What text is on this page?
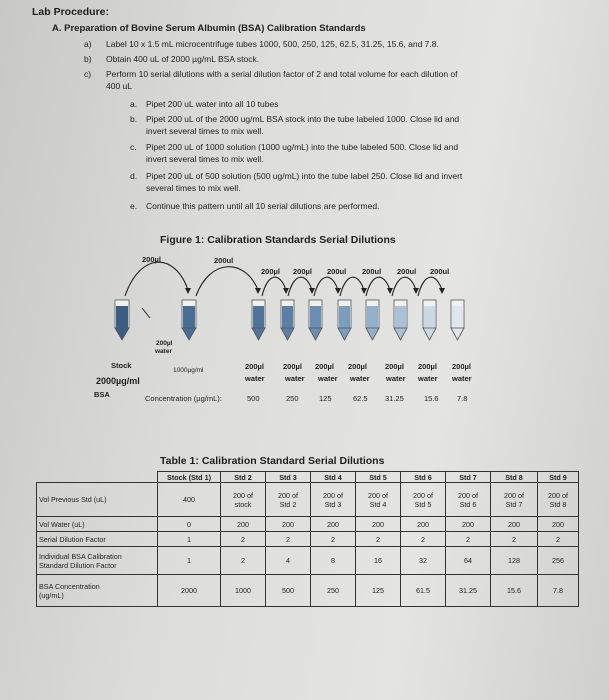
Lab Procedure:
A. Preparation of Bovine Serum Albumin (BSA) Calibration Standards
a) Label 10 x 1.5 mL microcentrifuge tubes 1000, 500, 250, 125, 62.5, 31.25, 15.6, and 7.8.
b) Obtain 400 uL of 2000 µg/mL BSA stock.
c) Perform 10 serial dilutions with a serial dilution factor of 2 and total volume for each dilution of
400 uL
a. Pipet 200 uL water into all 10 tubes
b. Pipet 200 uL of the 2000 ug/mL BSA stock into the tube labeled 1000. Close lid and
invert several times to mix well.
c. Pipet 200 uL of 1000 solution (1000 ug/mL) into the tube labeled 500. Close lid and
invert several times to mix well.
d. Pipet 200 uL of 500 solution (500 ug/mL) into the tube label 250. Close lid and invert
several times to mix well.
e. Continue this pattern until all 10 serial dilutions are performed.
Figure 1: Calibration Standards Serial Dilutions
200µl	200ul
200µl 200µl 200ul 200ul 200ul 200ul
200µl
water
Stock
2000µg/ml
BSA
1000µg/ml	200µl	200µl 200µl 200µl 200µl 200µl 200µl
water	water water water water water water
Concentration (µg/mL):	500	250	125	62.5 31.25	15.6 7.8
Table 1: Calibration Standard Serial Dilutions
	Stock (Std 1)	Std 2	Std 3	Std 4	Std 5	Std 6	Std 7	Std 8	Std 9
Vol Previous Std (uL)	400	200 of
stock	200 of
Std 2	200 of
Std 3	200 of
Std 4	200 of
Std 5	200 of
Std 6	200 of
Std 7	200 of
Std 8
Vol Water (uL)	0	200	200	200	200	200	200	200	200
Serial Dilution Factor	1	2	2	2	2	2	2	2	2
Individual BSA Calibration
Standard Dilution Factor	1	2	4	8	16	32	64	128	256
BSA Concentration
(ug/mL)	2000	1000	500	250	125	61.5	31.25	15.6	7.8
